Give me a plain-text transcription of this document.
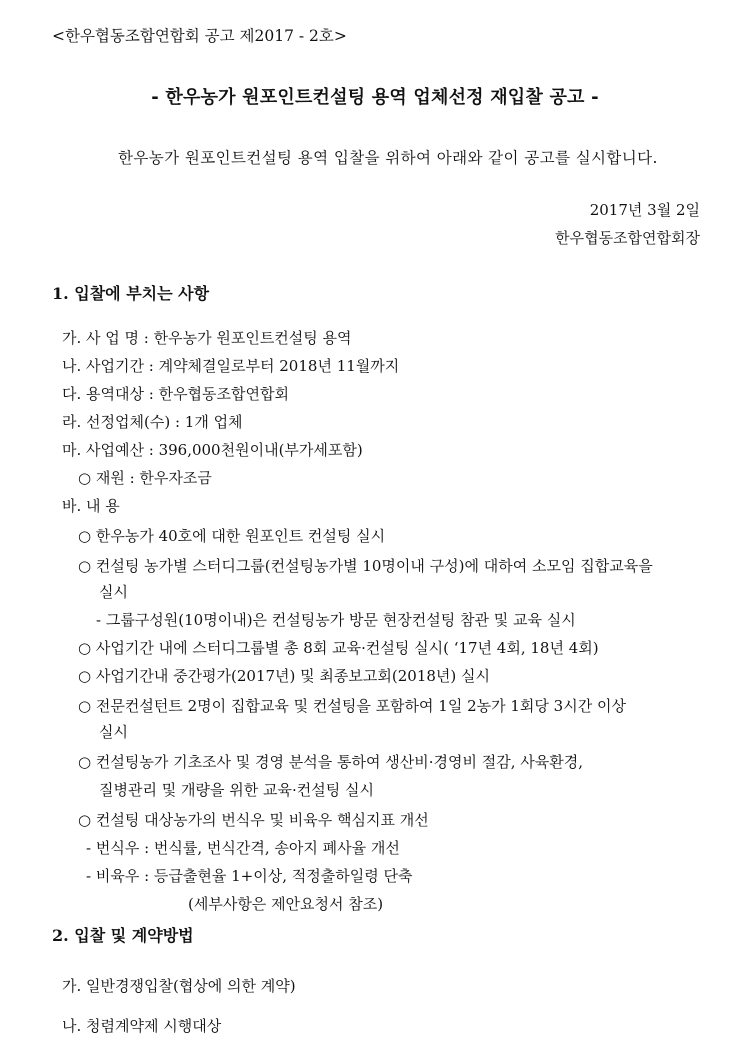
<한우협동조합연합회 공고 제2017 - 2호>
- 한우농가 원포인트컨설팅 용역 업체선정 재입찰 공고 -
한우농가 원포인트컨설팅 용역 입찰을 위하여 아래와 같이 공고를 실시합니다.
2017년 3월 2일
한우협동조합연합회장
1. 입찰에 부치는 사항
가. 사 업 명 : 한우농가 원포인트컨설팅 용역
나. 사업기간 : 계약체결일로부터 2018년 11월까지
다. 용역대상 : 한우협동조합연합회
라. 선정업체(수) : 1개 업체
마. 사업예산 : 396,000천원이내(부가세포함)
○ 재원 : 한우자조금
바. 내 용
○ 한우농가 40호에 대한 원포인트 컨설팅 실시
○ 컨설팅 농가별 스터디그룹(컨설팅농가별 10명이내 구성)에 대하여 소모임 집합교육을
실시
- 그룹구성원(10명이내)은 컨설팅농가 방문 현장컨설팅 참관 및 교육 실시
○ 사업기간 내에 스터디그룹별 총 8회 교육·컨설팅 실시( ‘17년 4회, 18년 4회)
○ 사업기간내 중간평가(2017년) 및 최종보고회(2018년) 실시
○ 전문컨설턴트 2명이 집합교육 및 컨설팅을 포함하여 1일 2농가 1회당 3시간 이상
실시
○ 컨설팅농가 기초조사 및 경영 분석을 통하여 생산비·경영비 절감, 사육환경,
질병관리 및 개량을 위한 교육·컨설팅 실시
○ 컨설팅 대상농가의 번식우 및 비육우 핵심지표 개선
- 번식우 : 번식률, 번식간격, 송아지 폐사율 개선
- 비육우 : 등급출현율 1+이상, 적정출하일령 단축
(세부사항은 제안요청서 참조)
2. 입찰 및 계약방법
가. 일반경쟁입찰(협상에 의한 계약)
나. 청렴계약제 시행대상
